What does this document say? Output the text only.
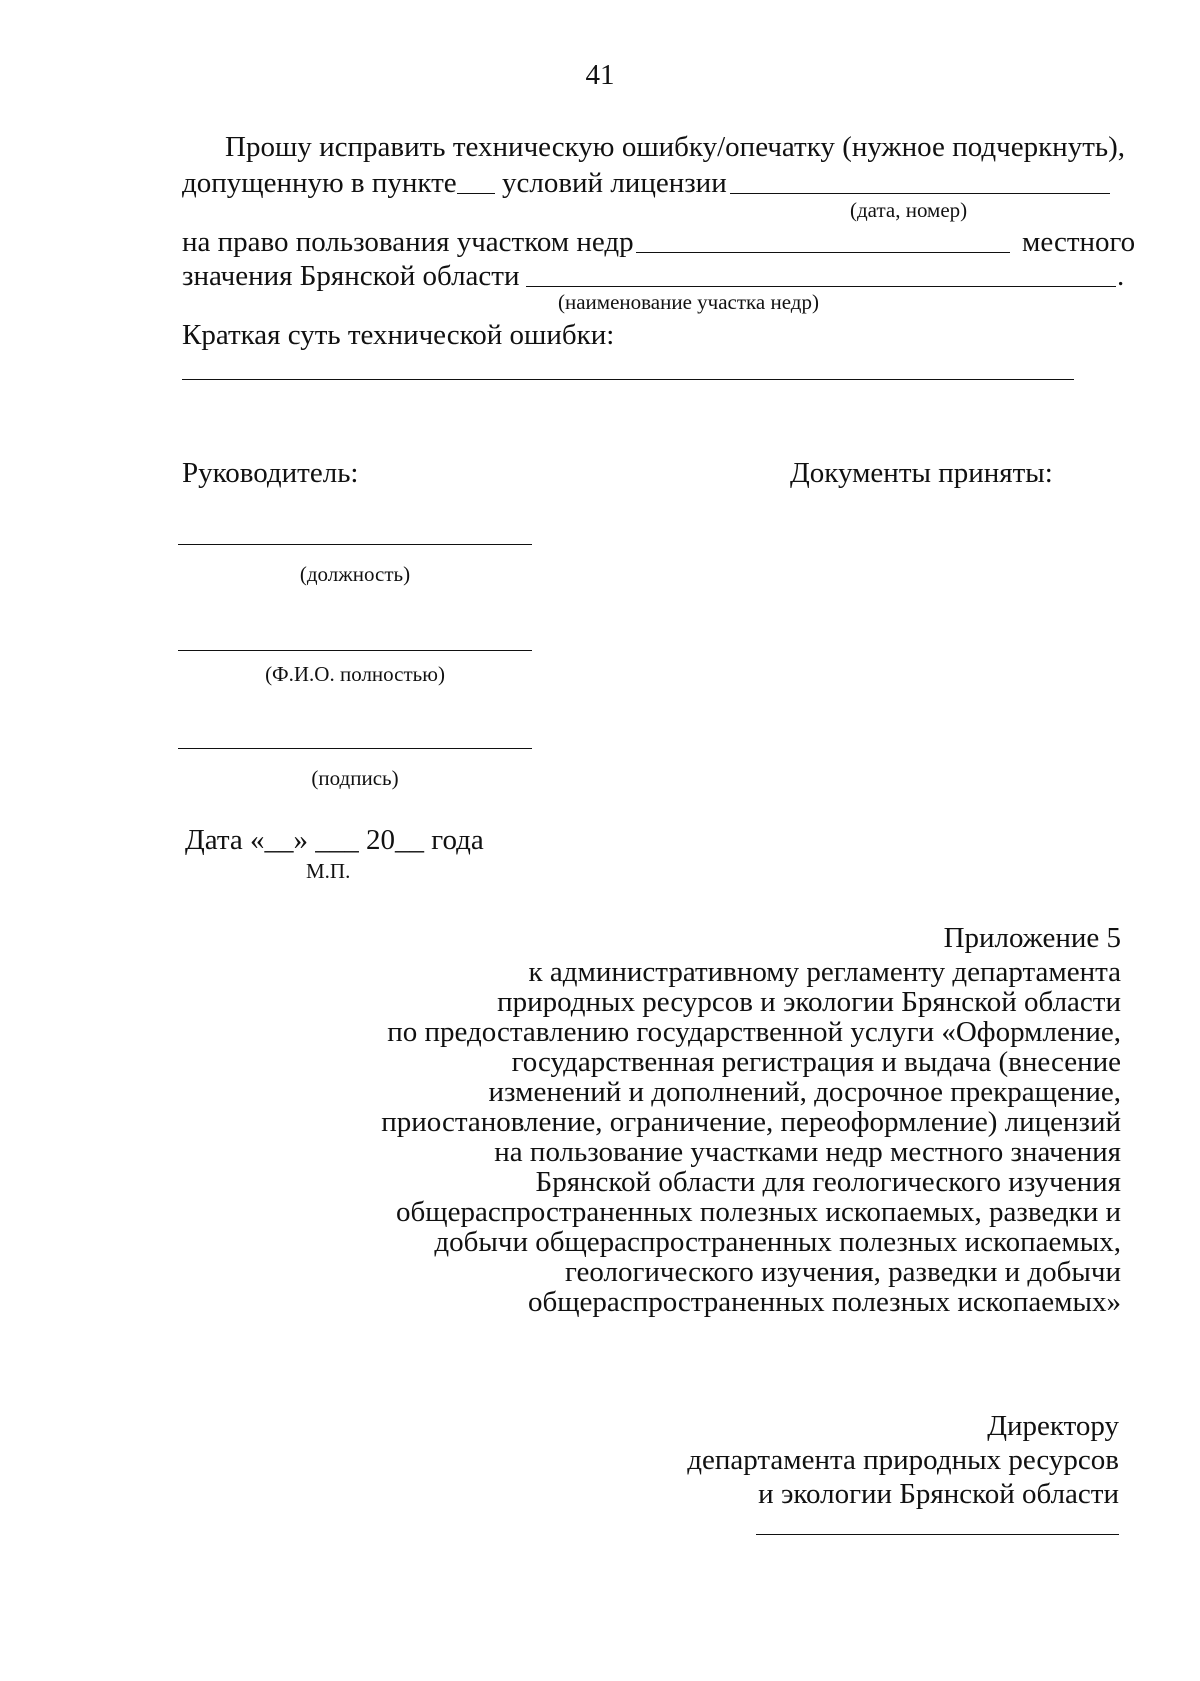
41
Прошу исправить техническую ошибку/опечатку (нужное подчеркнуть),
допущенную в пункте условий лицензии
(дата, номер)
на право пользования участком недр	местного
значения Брянской области	.
(наименование участка недр)
Краткая суть технической ошибки:
Руководитель:	Документы приняты:
(должность)
(Ф.И.О. полностью)
(подпись)
Дата «__» ___ 20__ года
М.П.
Приложение 5
к административному регламенту департамента
природных ресурсов и экологии Брянской области
по предоставлению государственной услуги «Оформление,
государственная регистрация и выдача (внесение
изменений и дополнений, досрочное прекращение,
приостановление, ограничение, переоформление) лицензий
на пользование участками недр местного значения
Брянской области для геологического изучения
общераспространенных полезных ископаемых, разведки и
добычи общераспространенных полезных ископаемых,
геологического изучения, разведки и добычи
общераспространенных полезных ископаемых»
Директору
департамента природных ресурсов
и экологии Брянской области
